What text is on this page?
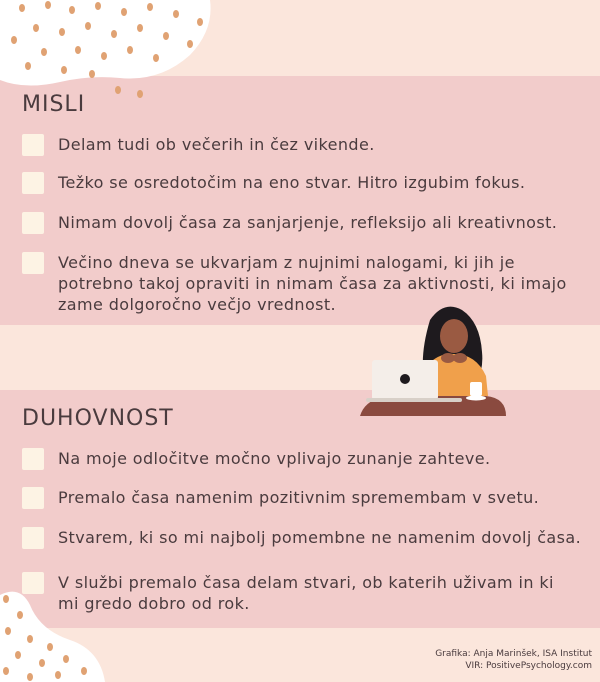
MISLI
Delam tudi ob večerih in čez vikende.
Težko se osredotočim na eno stvar. Hitro izgubim fokus.
Nimam dovolj časa za sanjarjenje, refleksijo ali kreativnost.
Večino dneva se ukvarjam z nujnimi nalogami, ki jih je potrebno takoj opraviti in nimam časa za aktivnosti, ki imajo zame dolgoročno večjo vrednost.
DUHOVNOST
Na moje odločitve močno vplivajo zunanje zahteve.
Premalo časa namenim pozitivnim spremembam v svetu.
Stvarem, ki so mi najbolj pomembne ne namenim dovolj časa.
V službi premalo časa delam stvari, ob katerih uživam in ki mi gredo dobro od rok.
Grafika: Anja Marinšek, ISA Institut
VIR: PositivePsychology.com
